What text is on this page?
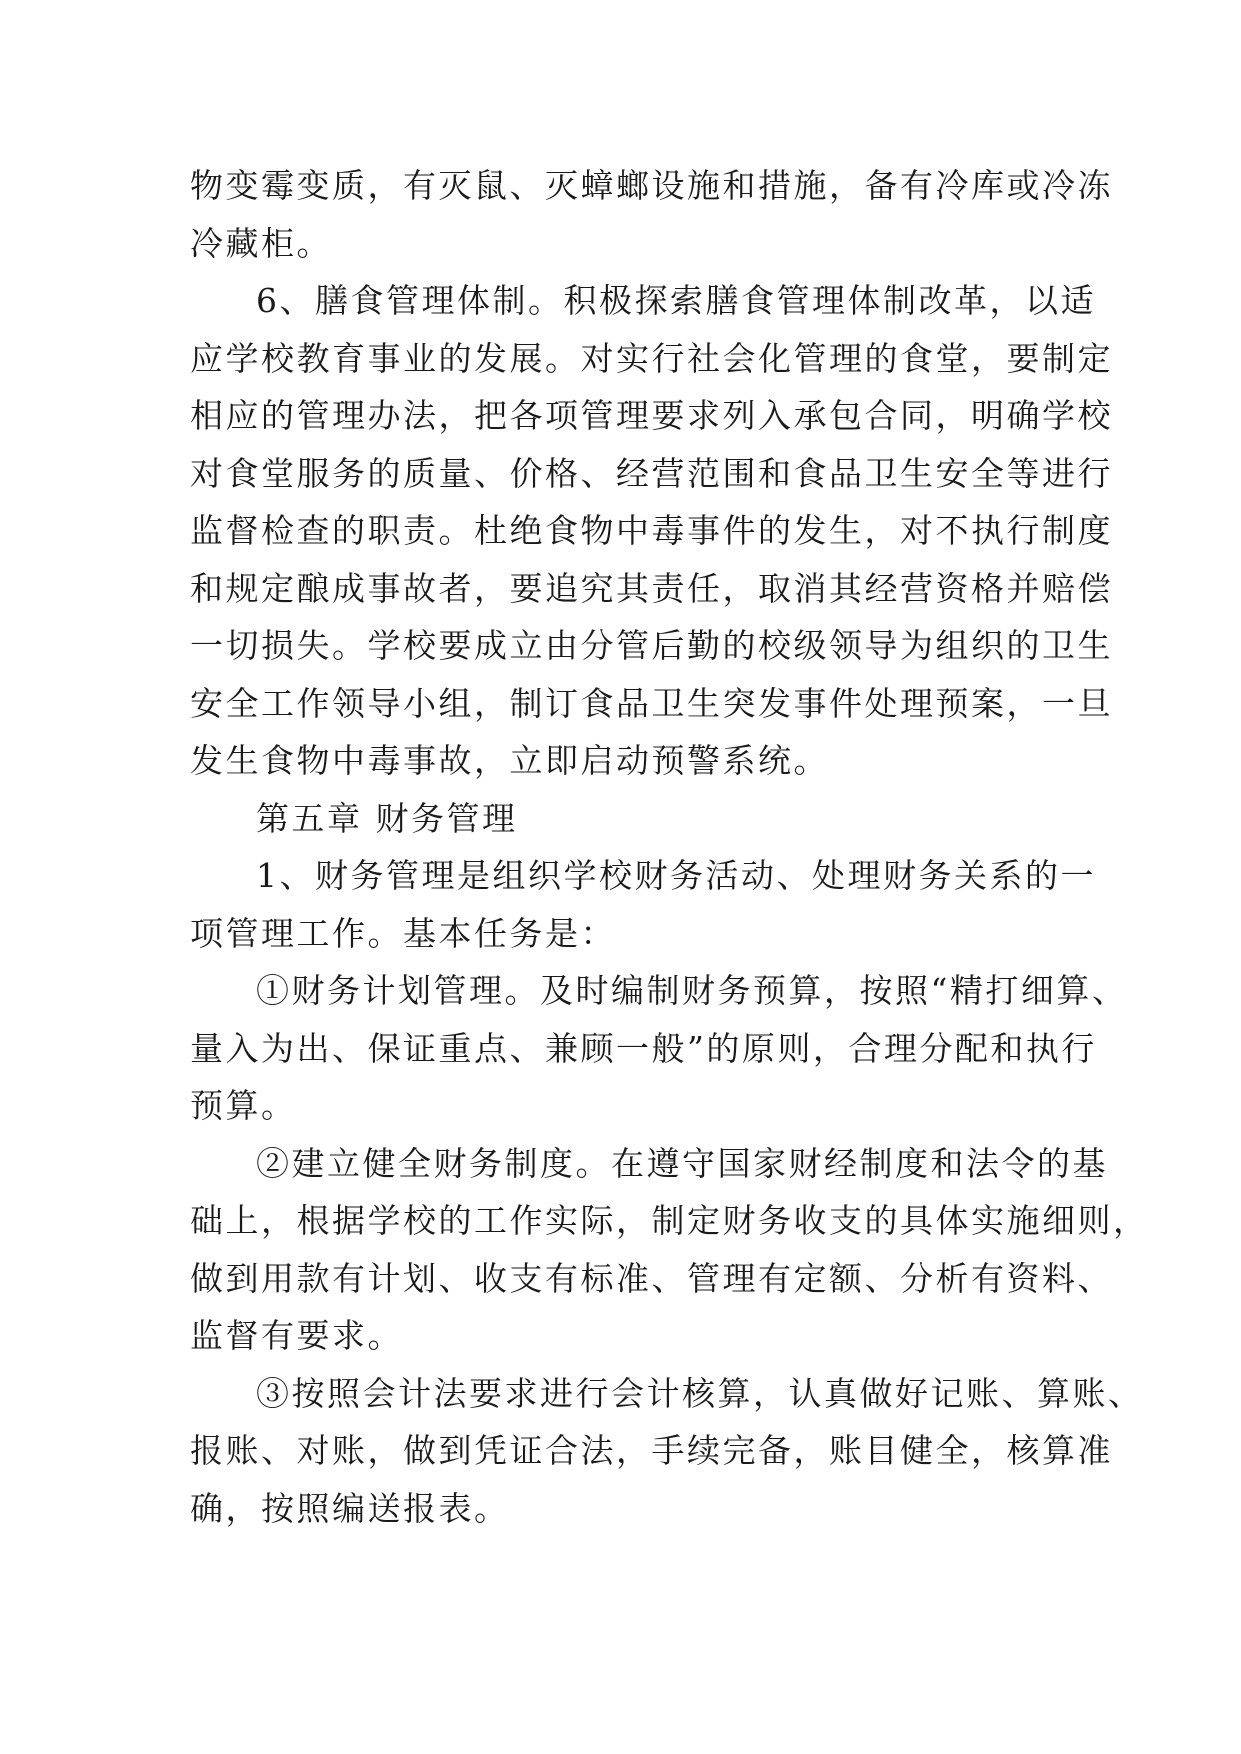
物变霉变质，有灭鼠、灭蟑螂设施和措施，备有冷库或冷冻
冷藏柜。
6、膳食管理体制。积极探索膳食管理体制改革，以适
应学校教育事业的发展。对实行社会化管理的食堂，要制定
相应的管理办法，把各项管理要求列入承包合同，明确学校
对食堂服务的质量、价格、经营范围和食品卫生安全等进行
监督检查的职责。杜绝食物中毒事件的发生，对不执行制度
和规定酿成事故者，要追究其责任，取消其经营资格并赔偿
一切损失。学校要成立由分管后勤的校级领导为组织的卫生
安全工作领导小组，制订食品卫生突发事件处理预案，一旦
发生食物中毒事故，立即启动预警系统。
第五章 财务管理
1、财务管理是组织学校财务活动、处理财务关系的一
项管理工作。基本任务是：
①财务计划管理。及时编制财务预算，按照“精打细算、
量入为出、保证重点、兼顾一般”的原则，合理分配和执行
预算。
②建立健全财务制度。在遵守国家财经制度和法令的基
础上，根据学校的工作实际，制定财务收支的具体实施细则，
做到用款有计划、收支有标准、管理有定额、分析有资料、
监督有要求。
③按照会计法要求进行会计核算，认真做好记账、算账、
报账、对账，做到凭证合法，手续完备，账目健全，核算准
确，按照编送报表。
